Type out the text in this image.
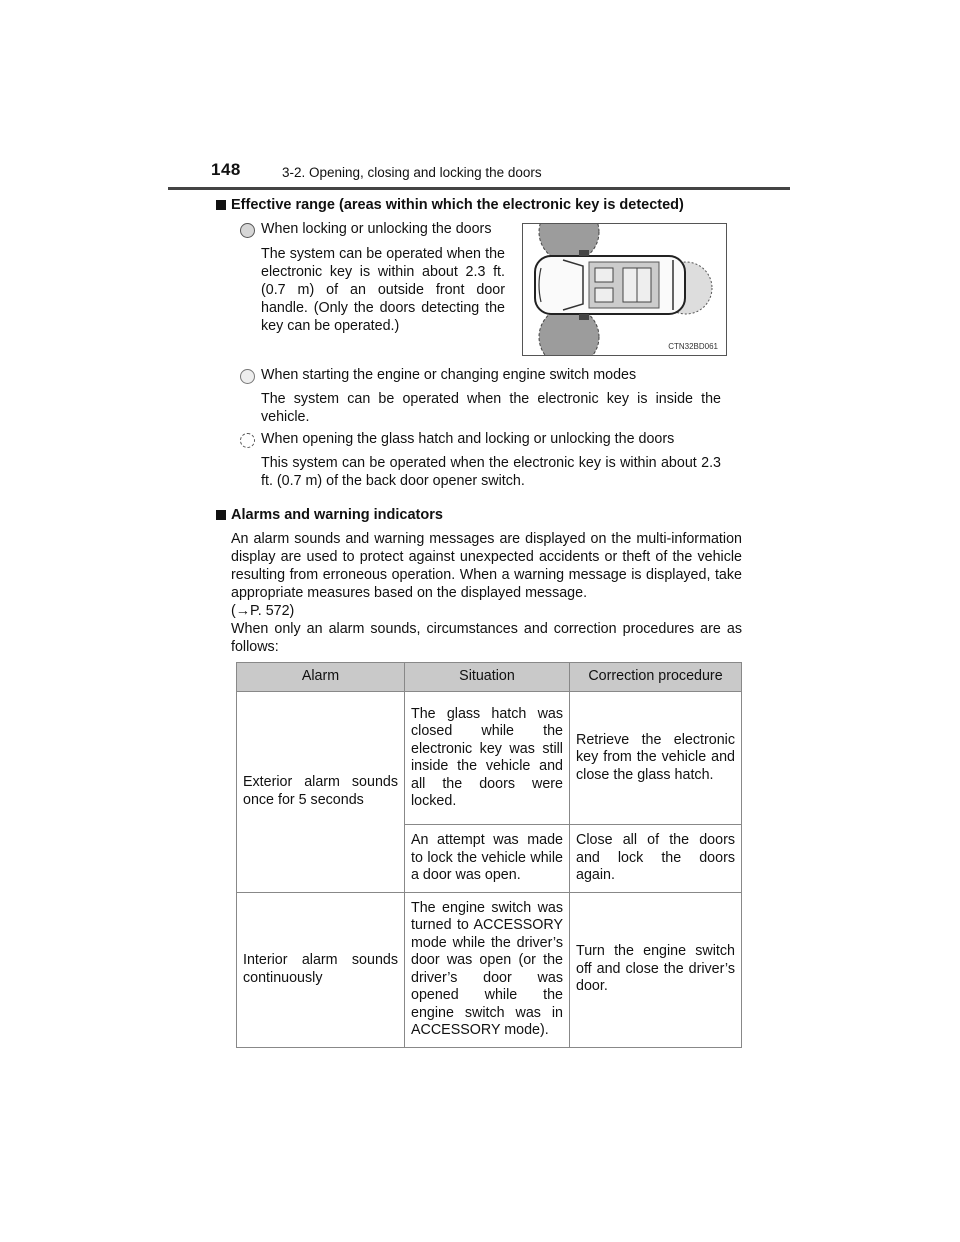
148	3-2. Opening, closing and locking the doors
Effective range (areas within which the electronic key is detected)
When locking or unlocking the doors
The system can be operated when the electronic key is within about 2.3 ft. (0.7 m) of an outside front door handle. (Only the doors detecting the key can be operated.)
CTN32BD061
When starting the engine or changing engine switch modes
The system can be operated when the electronic key is inside the vehicle.
When opening the glass hatch and locking or unlocking the doors
This system can be operated when the electronic key is within about 2.3 ft. (0.7 m) of the back door opener switch.
Alarms and warning indicators
An alarm sounds and warning messages are displayed on the multi-information display are used to protect against unexpected accidents or theft of the vehicle resulting from erroneous operation. When a warning message is displayed, take appropriate measures based on the displayed message.
(→P. 572)
When only an alarm sounds, circumstances and correction procedures are as follows:
Alarm	Situation	Correction procedure
Exterior alarm sounds once for 5 seconds	The glass hatch was closed while the electronic key was still inside the vehicle and all the doors were locked.	Retrieve the electronic key from the vehicle and close the glass hatch.
	An attempt was made to lock the vehicle while a door was open.	Close all of the doors and lock the doors again.
Interior alarm sounds continuously	The engine switch was turned to ACCESSORY mode while the driver’s door was open (or the driver’s door was opened while the engine switch was in ACCESSORY mode).	Turn the engine switch off and close the driver’s door.
